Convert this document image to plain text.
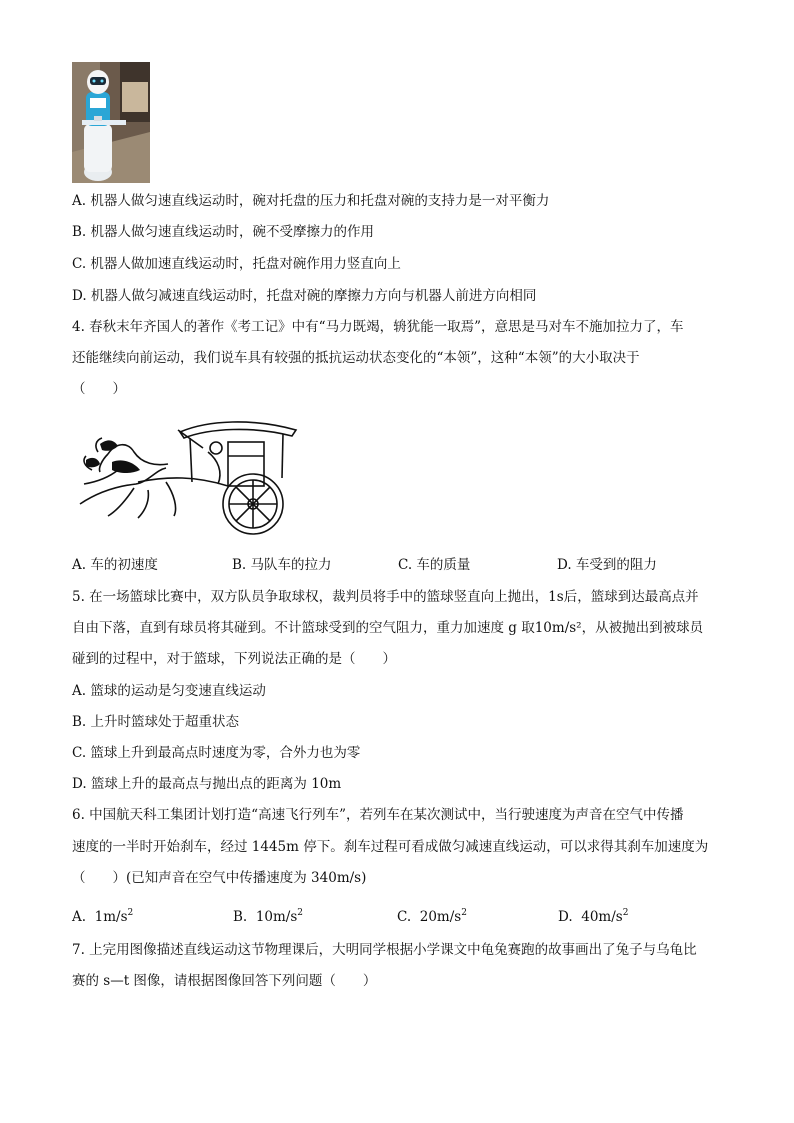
A. 机器人做匀速直线运动时，碗对托盘的压力和托盘对碗的支持力是一对平衡力
B. 机器人做匀速直线运动时，碗不受摩擦力的作用
C. 机器人做加速直线运动时，托盘对碗作用力竖直向上
D. 机器人做匀减速直线运动时，托盘对碗的摩擦力方向与机器人前进方向相同
4. 春秋末年齐国人的著作《考工记》中有“马力既竭，辀犹能一取焉”，意思是马对车不施加拉力了，车
还能继续向前运动，我们说车具有较强的抵抗运动状态变化的“本领”，这种“本领”的大小取决于
（　　）
A. 车的初速度	B. 马队车的拉力	C. 车的质量	D. 车受到的阻力
5. 在一场篮球比赛中，双方队员争取球权，裁判员将手中的篮球竖直向上抛出，1s后，篮球到达最高点并
自由下落，直到有球员将其碰到。不计篮球受到的空气阻力，重力加速度 g 取10m/s²，从被抛出到被球员
碰到的过程中，对于篮球，下列说法正确的是（　　）
A. 篮球的运动是匀变速直线运动
B. 上升时篮球处于超重状态
C. 篮球上升到最高点时速度为零，合外力也为零
D. 篮球上升的最高点与抛出点的距离为 10m
6. 中国航天科工集团计划打造“高速飞行列车”，若列车在某次测试中，当行驶速度为声音在空气中传播
速度的一半时开始刹车，经过 1445m 停下。刹车过程可看成做匀减速直线运动，可以求得其刹车加速度为
（　　）(已知声音在空气中传播速度为 340m/s)
A. $1m/s^2$	B. $10m/s^2$	C. $20m/s^2$	D. $40m/s^2$
7. 上完用图像描述直线运动这节物理课后，大明同学根据小学课文中龟兔赛跑的故事画出了兔子与乌龟比
赛的 s—t 图像，请根据图像回答下列问题（　　）
